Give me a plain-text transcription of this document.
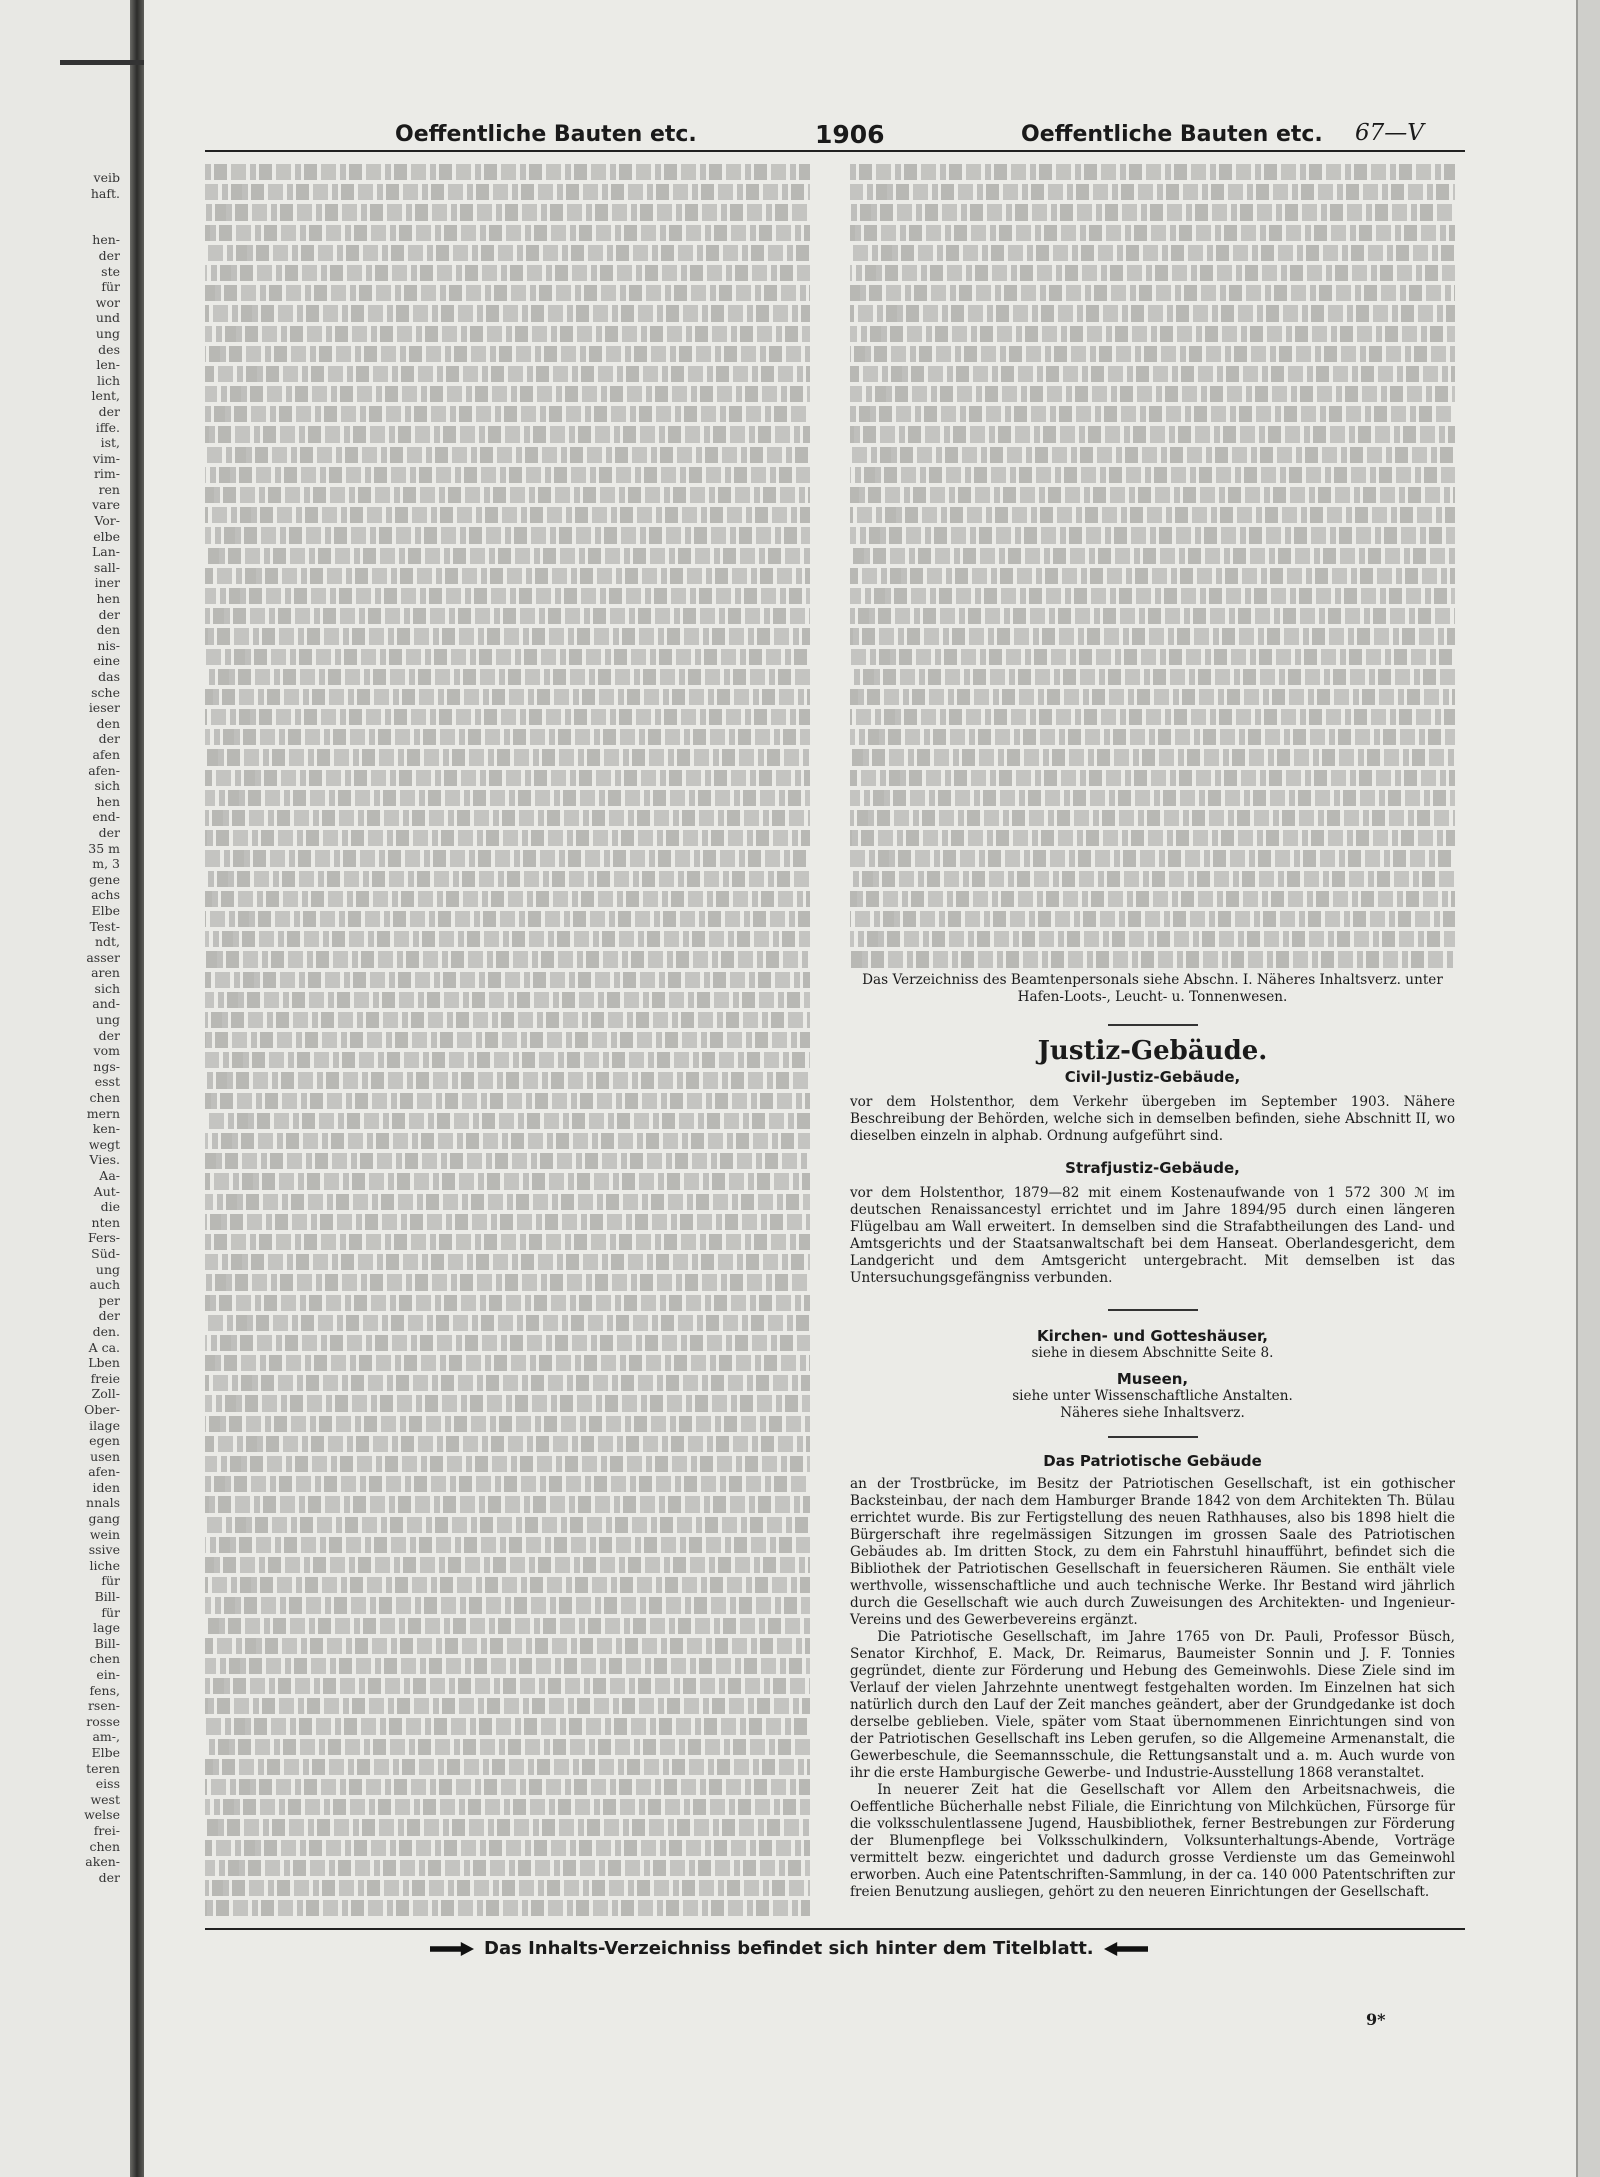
veib
haft.
hen-
der
ste
für
wor
und
ung
des
len-
lich
lent,
der
iffe.
ist,
vim-
rim-
ren
vare
Vor-
elbe
Lan-
sall-
iner
hen
der
den
nis-
eine
das
sche
ieser
den
der
afen
afen-
sich
hen
end-
der
35 m
m, 3
gene
achs
Elbe
Test-
ndt,
asser
aren
sich
and-
ung
der
vom
ngs-
esst
chen
mern
ken-
wegt
Vies.
Aa-
Aut-
die
nten
Fers-
Süd-
ung
auch
per
der
den.
A ca.
Lben
freie
Zoll-
Ober-
ilage
egen
usen
afen-
iden
nnals
gang
wein
ssive
liche
für
Bill-
für
lage
Bill-
chen
ein-
fens,
rsen-
rosse
am-,
Elbe
teren
eiss
west
welse
frei-
chen
aken-
der
Oeffentliche Bauten etc.	1906	Oeffentliche Bauten etc. 67—V

Das Verzeichniss des Beamtenpersonals siehe Abschn. I. Näheres Inhaltsverz. unter Hafen-Loots-, Leucht- u. Tonnenwesen.

Justiz-Gebäude.
Civil-Justiz-Gebäude,

vor dem Holstenthor, dem Verkehr übergeben im September 1903. Nähere Beschreibung der Behörden, welche sich in demselben befinden, siehe Abschnitt II, wo dieselben einzeln in alphab. Ordnung aufgeführt sind.

Strafjustiz-Gebäude,

vor dem Holstenthor, 1879—82 mit einem Kostenaufwande von 1 572 300 ℳ im deutschen Renaissancestyl errichtet und im Jahre 1894/95 durch einen längeren Flügelbau am Wall erweitert. In demselben sind die Strafabtheilungen des Land- und Amtsgerichts und der Staatsanwaltschaft bei dem Hanseat. Oberlandesgericht, dem Landgericht und dem Amtsgericht untergebracht. Mit demselben ist das Untersuchungsgefängniss verbunden.

Kirchen- und Gotteshäuser,

siehe in diesem Abschnitte Seite 8.

Museen,

siehe unter Wissenschaftliche Anstalten.

Näheres siehe Inhaltsverz.

Das Patriotische Gebäude

an der Trostbrücke, im Besitz der Patriotischen Gesellschaft, ist ein gothischer Backsteinbau, der nach dem Hamburger Brande 1842 von dem Architekten Th. Bülau errichtet wurde. Bis zur Fertigstellung des neuen Rathhauses, also bis 1898 hielt die Bürgerschaft ihre regelmässigen Sitzungen im grossen Saale des Patriotischen Gebäudes ab. Im dritten Stock, zu dem ein Fahrstuhl hinaufführt, befindet sich die Bibliothek der Patriotischen Gesellschaft in feuersicheren Räumen. Sie enthält viele werthvolle, wissenschaftliche und auch technische Werke. Ihr Bestand wird jährlich durch die Gesellschaft wie auch durch Zuweisungen des Architekten- und Ingenieur-Vereins und des Gewerbevereins ergänzt.

Die Patriotische Gesellschaft, im Jahre 1765 von Dr. Pauli, Professor Büsch, Senator Kirchhof, E. Mack, Dr. Reimarus, Baumeister Sonnin und J. F. Tonnies gegründet, diente zur Förderung und Hebung des Gemeinwohls. Diese Ziele sind im Verlauf der vielen Jahrzehnte unentwegt festgehalten worden. Im Einzelnen hat sich natürlich durch den Lauf der Zeit manches geändert, aber der Grundgedanke ist doch derselbe geblieben. Viele, später vom Staat übernommenen Einrichtungen sind von der Patriotischen Gesellschaft ins Leben gerufen, so die Allgemeine Armenanstalt, die Gewerbeschule, die Seemannsschule, die Rettungsanstalt und a. m. Auch wurde von ihr die erste Hamburgische Gewerbe- und Industrie-Ausstellung 1868 veranstaltet.

In neuerer Zeit hat die Gesellschaft vor Allem den Arbeitsnachweis, die Oeffentliche Bücherhalle nebst Filiale, die Einrichtung von Milchküchen, Fürsorge für die volksschulentlassene Jugend, Hausbibliothek, ferner Bestrebungen zur Förderung der Blumenpflege bei Volksschulkindern, Volksunterhaltungs-Abende, Vorträge vermittelt bezw. eingerichtet und dadurch grosse Verdienste um das Gemeinwohl erworben. Auch eine Patentschriften-Sammlung, in der ca. 140 000 Patentschriften zur freien Benutzung ausliegen, gehört zu den neueren Einrichtungen der Gesellschaft.

Das Inhalts-Verzeichniss befindet sich hinter dem Titelblatt.
9*
